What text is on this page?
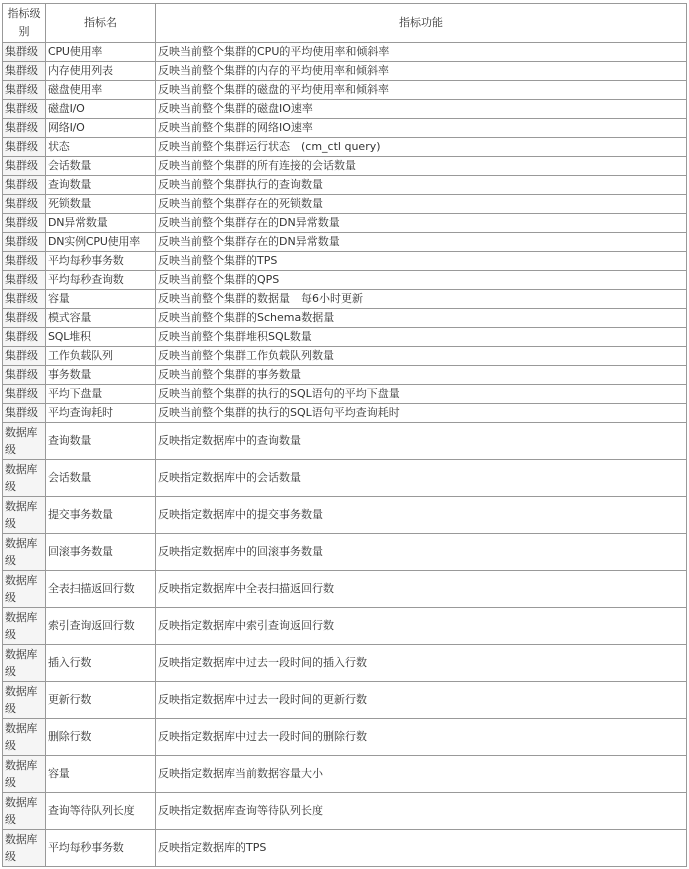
指标级别	指标名	指标功能
集群级	CPU使用率	反映当前整个集群的CPU的平均使用率和倾斜率
集群级	内存使用列表	反映当前整个集群的内存的平均使用率和倾斜率
集群级	磁盘使用率	反映当前整个集群的磁盘的平均使用率和倾斜率
集群级	磁盘I/O	反映当前整个集群的磁盘IO速率
集群级	网络I/O	反映当前整个集群的网络IO速率
集群级	状态	反映当前整个集群运行状态　(cm_ctl query)
集群级	会话数量	反映当前整个集群的所有连接的会话数量
集群级	查询数量	反映当前整个集群执行的查询数量
集群级	死锁数量	反映当前整个集群存在的死锁数量
集群级	DN异常数量	反映当前整个集群存在的DN异常数量
集群级	DN实例CPU使用率	反映当前整个集群存在的DN异常数量
集群级	平均每秒事务数	反映当前整个集群的TPS
集群级	平均每秒查询数	反映当前整个集群的QPS
集群级	容量	反映当前整个集群的数据量　每6小时更新
集群级	模式容量	反映当前整个集群的Schema数据量
集群级	SQL堆积	反映当前整个集群堆积SQL数量
集群级	工作负载队列	反映当前整个集群工作负载队列数量
集群级	事务数量	反映当前整个集群的事务数量
集群级	平均下盘量	反映当前整个集群的执行的SQL语句的平均下盘量
集群级	平均查询耗时	反映当前整个集群的执行的SQL语句平均查询耗时
数据库级	查询数量	反映指定数据库中的查询数量
数据库级	会话数量	反映指定数据库中的会话数量
数据库级	提交事务数量	反映指定数据库中的提交事务数量
数据库级	回滚事务数量	反映指定数据库中的回滚事务数量
数据库级	全表扫描返回行数	反映指定数据库中全表扫描返回行数
数据库级	索引查询返回行数	反映指定数据库中索引查询返回行数
数据库级	插入行数	反映指定数据库中过去一段时间的插入行数
数据库级	更新行数	反映指定数据库中过去一段时间的更新行数
数据库级	删除行数	反映指定数据库中过去一段时间的删除行数
数据库级	容量	反映指定数据库当前数据容量大小
数据库级	查询等待队列长度	反映指定数据库查询等待队列长度
数据库级	平均每秒事务数	反映指定数据库的TPS
